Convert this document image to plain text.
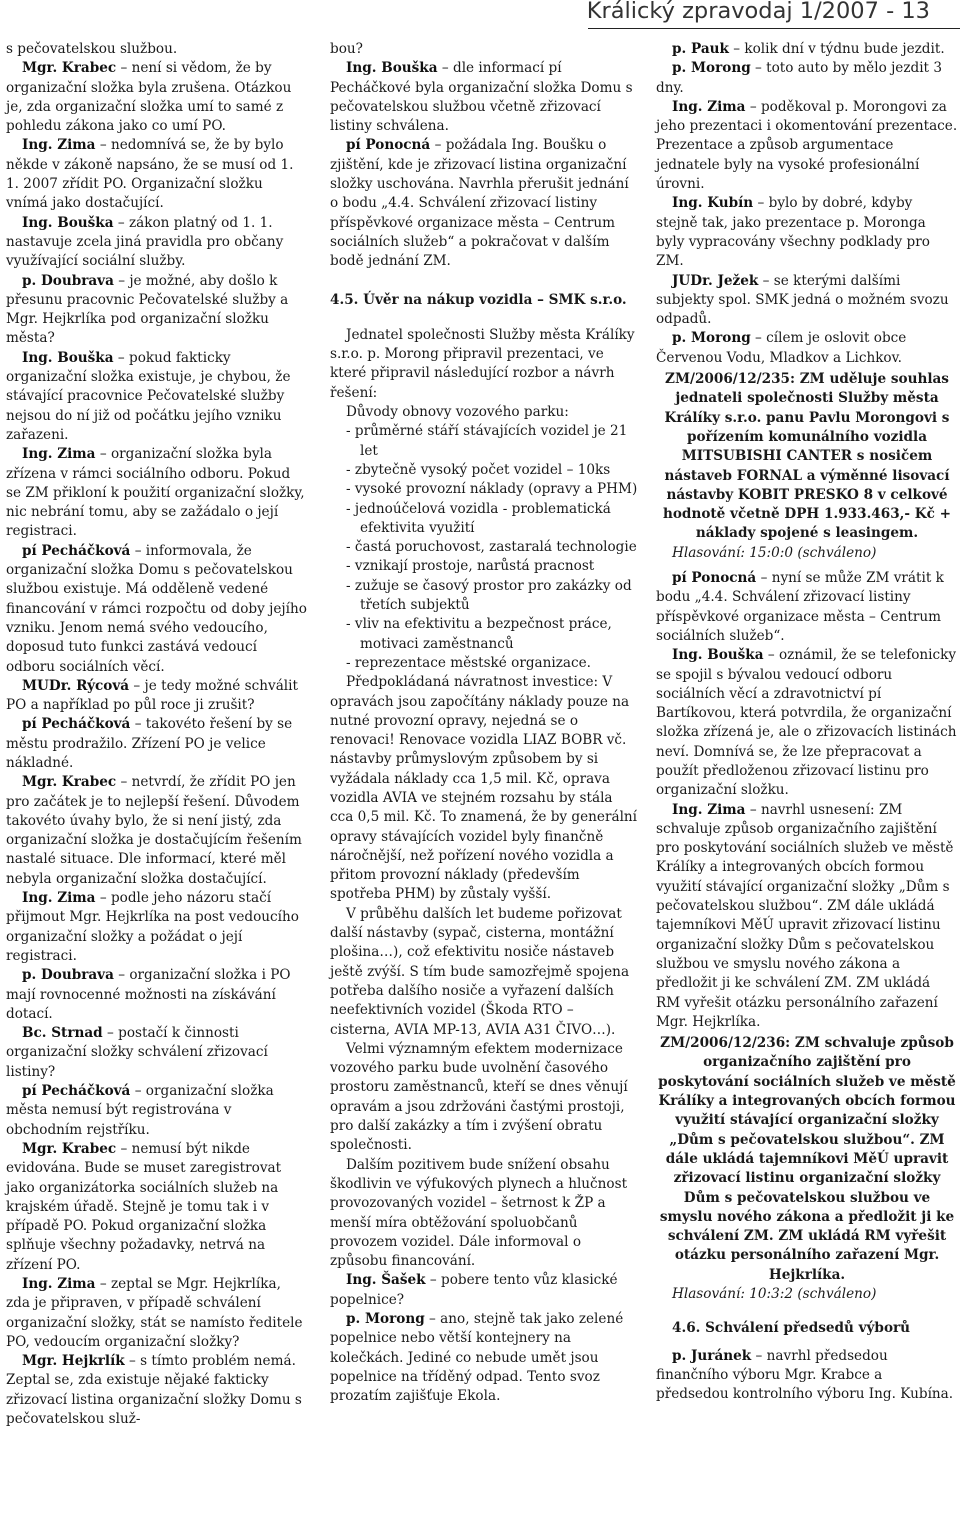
Králický zpravodaj 1/2007 - 13

s pečovatelskou službou.

Mgr. Krabec – není si vědom, že by organizační složka byla zrušena. Otázkou je, zda organizační složka umí to samé z pohledu zákona jako co umí PO.

Ing. Zima – nedomnívá se, že by bylo někde v zákoně napsáno, že se musí od 1. 1. 2007 zřídit PO. Organizační složku vnímá jako dostačující.

Ing. Bouška – zákon platný od 1. 1. nastavuje zcela jiná pravidla pro občany využívající sociální služby.

p. Doubrava – je možné, aby došlo k přesunu pracovnic Pečovatelské služby a Mgr. Hejkrlíka pod organizační složku města?

Ing. Bouška – pokud fakticky organizační složka existuje, je chybou, že stávající pracovnice Pečovatelské služby nejsou do ní již od počátku jejího vzniku zařazeni.

Ing. Zima – organizační složka byla zřízena v rámci sociálního odboru. Pokud se ZM přikloní k použití organizační složky, nic nebrání tomu, aby se zažádalo o její registraci.

pí Pecháčková – informovala, že organizační složka Domu s pečovatelskou službou existuje. Má odděleně vedené financování v rámci rozpočtu od doby jejího vzniku. Jenom nemá svého vedoucího, doposud tuto funkci zastává vedoucí odboru sociálních věcí.

MUDr. Rýcová – je tedy možné schválit PO a například po půl roce ji zrušit?

pí Pecháčková – takovéto řešení by se městu prodražilo. Zřízení PO je velice nákladné.

Mgr. Krabec – netvrdí, že zřídit PO jen pro začátek je to nejlepší řešení. Důvodem takovéto úvahy bylo, že si není jistý, zda organizační složka je dostačujícím řešením nastalé situace. Dle informací, které měl nebyla organizační složka dostačující.

Ing. Zima – podle jeho názoru stačí přijmout Mgr. Hejkrlíka na post vedoucího organizační složky a požádat o její registraci.

p. Doubrava – organizační složka i PO mají rovnocenné možnosti na získávání dotací.

Bc. Strnad – postačí k činnosti organizační složky schválení zřizovací listiny?

pí Pecháčková – organizační složka města nemusí být registrována v obchodním rejstříku.

Mgr. Krabec – nemusí být nikde evidována. Bude se muset zaregistrovat jako organizátorka sociálních služeb na krajském úřadě. Stejně je tomu tak i v případě PO. Pokud organizační složka splňuje všechny požadavky, netrvá na zřízení PO.

Ing. Zima – zeptal se Mgr. Hejkrlíka, zda je připraven, v případě schválení organizační složky, stát se namísto ředitele PO, vedoucím organizační složky?

Mgr. Hejkrlík – s tímto problém nemá. Zeptal se, zda existuje nějaké fakticky zřizovací listina organizační složky Domu s pečovatelskou služ-

bou?

Ing. Bouška – dle informací pí Pecháčkové byla organizační složka Domu s pečovatelskou službou včetně zřizovací listiny schválena.

pí Ponocná – požádala Ing. Boušku o zjištění, kde je zřizovací listina organizační složky uschována. Navrhla přerušit jednání o bodu „4.4. Schválení zřizovací listiny příspěvkové organizace města – Centrum sociálních služeb“ a pokračovat v dalším bodě jednání ZM.

4.5. Úvěr na nákup vozidla – SMK s.r.o.

Jednatel společnosti Služby města Králíky s.r.o. p. Morong připravil prezentaci, ve které připravil následující rozbor a návrh řešení:

Důvody obnovy vozového parku:

- průměrné stáří stávajících vozidel je 21 let
- zbytečně vysoký počet vozidel – 10ks
- vysoké provozní náklady (opravy a PHM)
- jednoúčelová vozidla - problematická efektivita využití
- častá poruchovost, zastaralá technologie
- vznikají prostoje, narůstá pracnost
- zužuje se časový prostor pro zakázky od třetích subjektů
- vliv na efektivitu a bezpečnost práce, motivaci zaměstnanců
- reprezentace městské organizace.

Předpokládaná návratnost investice: V opravách jsou započítány náklady pouze na nutné provozní opravy, nejedná se o renovaci! Renovace vozidla LIAZ BOBR vč. nástavby průmyslovým způsobem by si vyžádala náklady cca 1,5 mil. Kč, oprava vozidla AVIA ve stejném rozsahu by stála cca 0,5 mil. Kč. To znamená, že by generální opravy stávajících vozidel byly finančně náročnější, než pořízení nového vozidla a přitom provozní náklady (především spotřeba PHM) by zůstaly vyšší.

V průběhu dalších let budeme pořizovat další nástavby (sypač, cisterna, montážní plošina…), což efektivitu nosiče nástaveb ještě zvýší. S tím bude samozřejmě spojena potřeba dalšího nosiče a vyřazení dalších neefektivních vozidel (Škoda RTO – cisterna, AVIA MP-13, AVIA A31 ČIVO…).

Velmi významným efektem modernizace vozového parku bude uvolnění časového prostoru zaměstnanců, kteří se dnes věnují opravám a jsou zdržováni častými prostoji, pro další zakázky a tím i zvýšení obratu společnosti.

Dalším pozitivem bude snížení obsahu škodlivin ve výfukových plynech a hlučnost provozovaných vozidel – šetrnost k ŽP a menší míra obtěžování spoluobčanů provozem vozidel. Dále informoval o způsobu financování.

Ing. Šašek – pobere tento vůz klasické popelnice?

p. Morong – ano, stejně tak jako zelené popelnice nebo větší kontejnery na kolečkách. Jediné co nebude umět jsou popelnice na tříděný odpad. Tento svoz prozatím zajišťuje Ekola.

p. Pauk – kolik dní v týdnu bude jezdit.

p. Morong – toto auto by mělo jezdit 3 dny.

Ing. Zima – poděkoval p. Morongovi za jeho prezentaci i okomentování prezentace. Prezentace a způsob argumentace jednatele byly na vysoké profesionální úrovni.

Ing. Kubín – bylo by dobré, kdyby stejně tak, jako prezentace p. Moronga byly vypracovány všechny podklady pro ZM.

JUDr. Ježek – se kterými dalšími subjekty spol. SMK jedná o možném svozu odpadů.

p. Morong – cílem je oslovit obce Červenou Vodu, Mladkov a Lichkov.

ZM/2006/12/235: ZM uděluje souhlas jednateli společnosti Služby města Králíky s.r.o. panu Pavlu Morongovi s pořízením komunálního vozidla MITSUBISHI CANTER s nosičem nástaveb FORNAL a výměnné lisovací nástavby KOBIT PRESKO 8 v celkové hodnotě včetně DPH 1.933.463,- Kč + náklady spojené s leasingem.

Hlasování: 15:0:0 (schváleno)

pí Ponocná – nyní se může ZM vrátit k bodu „4.4. Schválení zřizovací listiny příspěvkové organizace města – Centrum sociálních služeb“.

Ing. Bouška – oznámil, že se telefonicky se spojil s bývalou vedoucí odboru sociálních věcí a zdravotnictví pí Bartíkovou, která potvrdila, že organizační složka zřízená je, ale o zřizovacích listinách neví. Domnívá se, že lze přepracovat a použít předloženou zřizovací listinu pro organizační složku.

Ing. Zima – navrhl usnesení: ZM schvaluje způsob organizačního zajištění pro poskytování sociálních služeb ve městě Králíky a integrovaných obcích formou využití stávající organizační složky „Dům s pečovatelskou službou“. ZM dále ukládá tajemníkovi MěÚ upravit zřizovací listinu organizační složky Dům s pečovatelskou službou ve smyslu nového zákona a předložit ji ke schválení ZM. ZM ukládá RM vyřešit otázku personálního zařazení Mgr. Hejkrlíka.

ZM/2006/12/236: ZM schvaluje způsob organizačního zajištění pro poskytování sociálních služeb ve městě Králíky a integrovaných obcích formou využití stávající organizační složky „Dům s pečovatelskou službou“. ZM dále ukládá tajemníkovi MěÚ upravit zřizovací listinu organizační složky Dům s pečovatelskou službou ve smyslu nového zákona a předložit ji ke schválení ZM. ZM ukládá RM vyřešit otázku personálního zařazení Mgr. Hejkrlíka.

Hlasování: 10:3:2 (schváleno)

4.6. Schválení předsedů výborů

p. Juránek – navrhl předsedou finančního výboru Mgr. Krabce a předsedou kontrolního výboru Ing. Kubína.
